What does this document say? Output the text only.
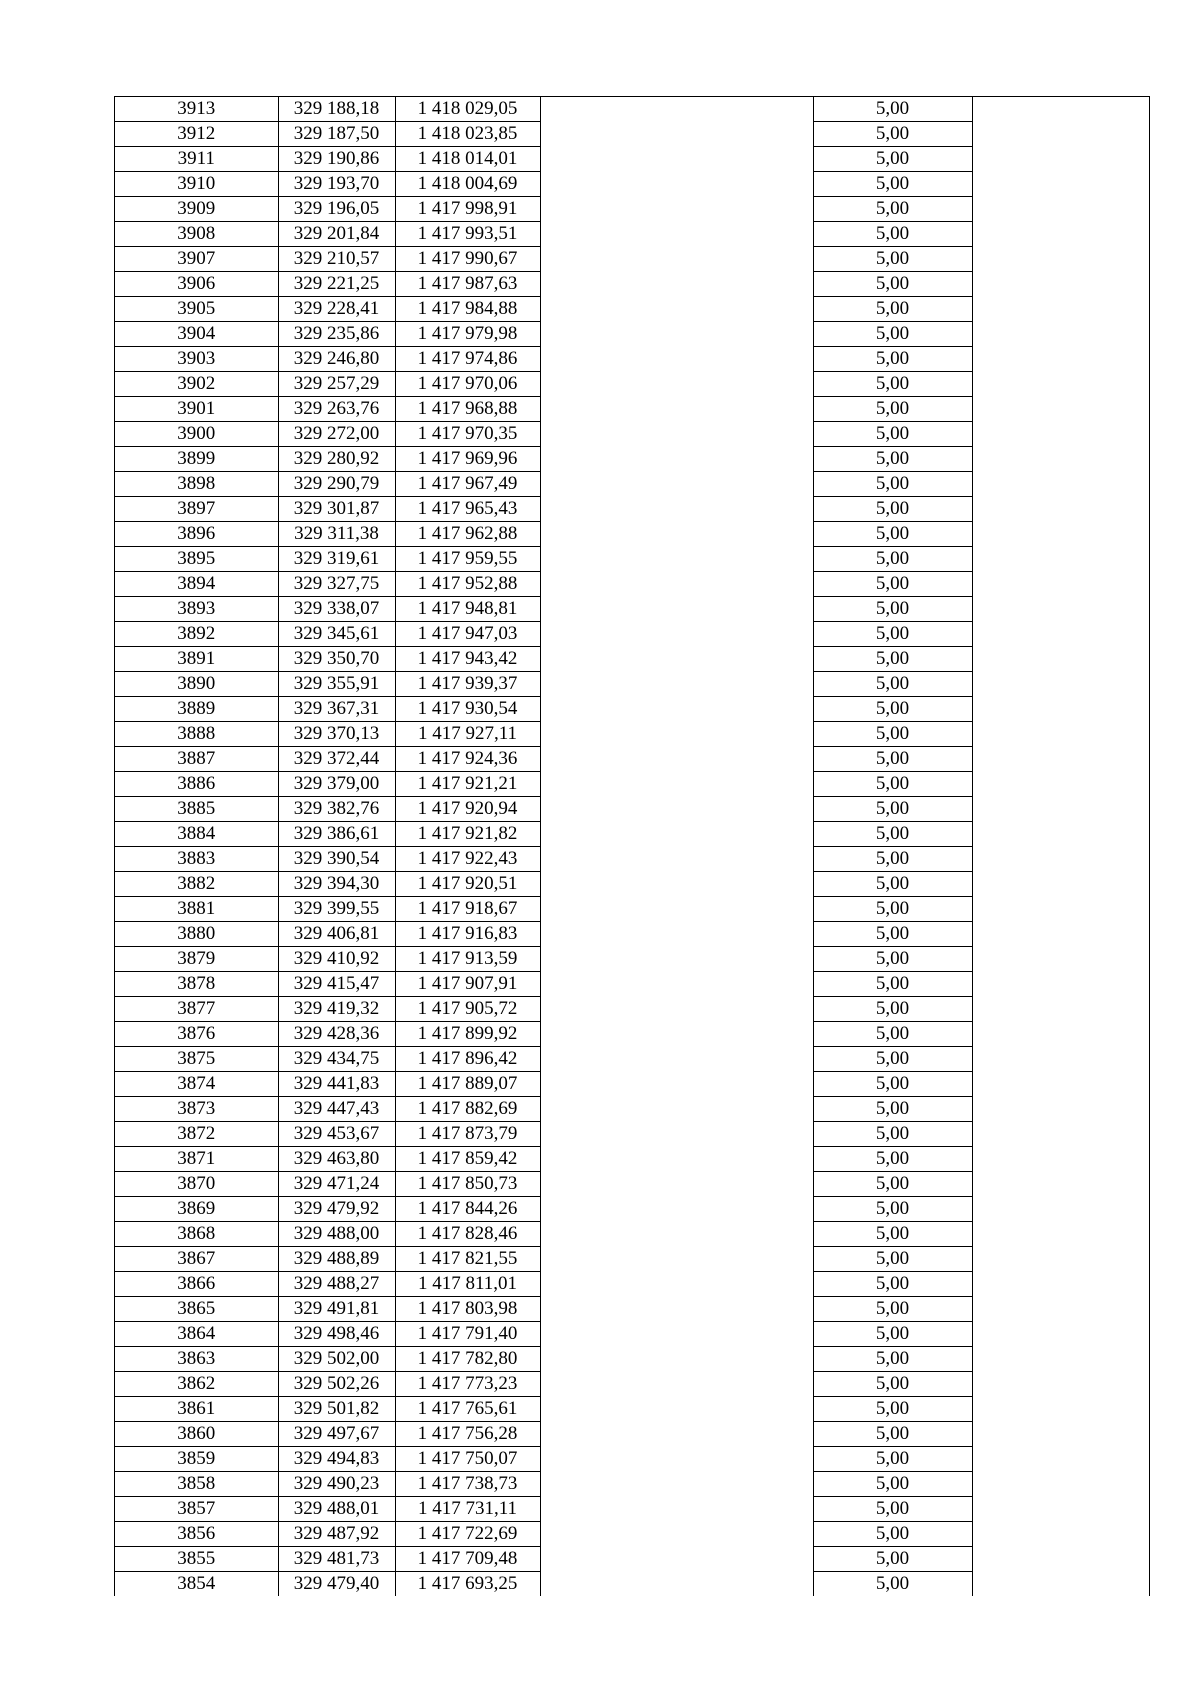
3913	329 188,18	1 418 029,05		5,00	
3912	329 187,50	1 418 023,85		5,00	
3911	329 190,86	1 418 014,01		5,00	
3910	329 193,70	1 418 004,69		5,00	
3909	329 196,05	1 417 998,91		5,00	
3908	329 201,84	1 417 993,51		5,00	
3907	329 210,57	1 417 990,67		5,00	
3906	329 221,25	1 417 987,63		5,00	
3905	329 228,41	1 417 984,88		5,00	
3904	329 235,86	1 417 979,98		5,00	
3903	329 246,80	1 417 974,86		5,00	
3902	329 257,29	1 417 970,06		5,00	
3901	329 263,76	1 417 968,88		5,00	
3900	329 272,00	1 417 970,35		5,00	
3899	329 280,92	1 417 969,96		5,00	
3898	329 290,79	1 417 967,49		5,00	
3897	329 301,87	1 417 965,43		5,00	
3896	329 311,38	1 417 962,88		5,00	
3895	329 319,61	1 417 959,55		5,00	
3894	329 327,75	1 417 952,88		5,00	
3893	329 338,07	1 417 948,81		5,00	
3892	329 345,61	1 417 947,03		5,00	
3891	329 350,70	1 417 943,42		5,00	
3890	329 355,91	1 417 939,37		5,00	
3889	329 367,31	1 417 930,54		5,00	
3888	329 370,13	1 417 927,11		5,00	
3887	329 372,44	1 417 924,36		5,00	
3886	329 379,00	1 417 921,21		5,00	
3885	329 382,76	1 417 920,94		5,00	
3884	329 386,61	1 417 921,82		5,00	
3883	329 390,54	1 417 922,43		5,00	
3882	329 394,30	1 417 920,51		5,00	
3881	329 399,55	1 417 918,67		5,00	
3880	329 406,81	1 417 916,83		5,00	
3879	329 410,92	1 417 913,59		5,00	
3878	329 415,47	1 417 907,91		5,00	
3877	329 419,32	1 417 905,72		5,00	
3876	329 428,36	1 417 899,92		5,00	
3875	329 434,75	1 417 896,42		5,00	
3874	329 441,83	1 417 889,07		5,00	
3873	329 447,43	1 417 882,69		5,00	
3872	329 453,67	1 417 873,79		5,00	
3871	329 463,80	1 417 859,42		5,00	
3870	329 471,24	1 417 850,73		5,00	
3869	329 479,92	1 417 844,26		5,00	
3868	329 488,00	1 417 828,46		5,00	
3867	329 488,89	1 417 821,55		5,00	
3866	329 488,27	1 417 811,01		5,00	
3865	329 491,81	1 417 803,98		5,00	
3864	329 498,46	1 417 791,40		5,00	
3863	329 502,00	1 417 782,80		5,00	
3862	329 502,26	1 417 773,23		5,00	
3861	329 501,82	1 417 765,61		5,00	
3860	329 497,67	1 417 756,28		5,00	
3859	329 494,83	1 417 750,07		5,00	
3858	329 490,23	1 417 738,73		5,00	
3857	329 488,01	1 417 731,11		5,00	
3856	329 487,92	1 417 722,69		5,00	
3855	329 481,73	1 417 709,48		5,00	
3854	329 479,40	1 417 693,25		5,00	
